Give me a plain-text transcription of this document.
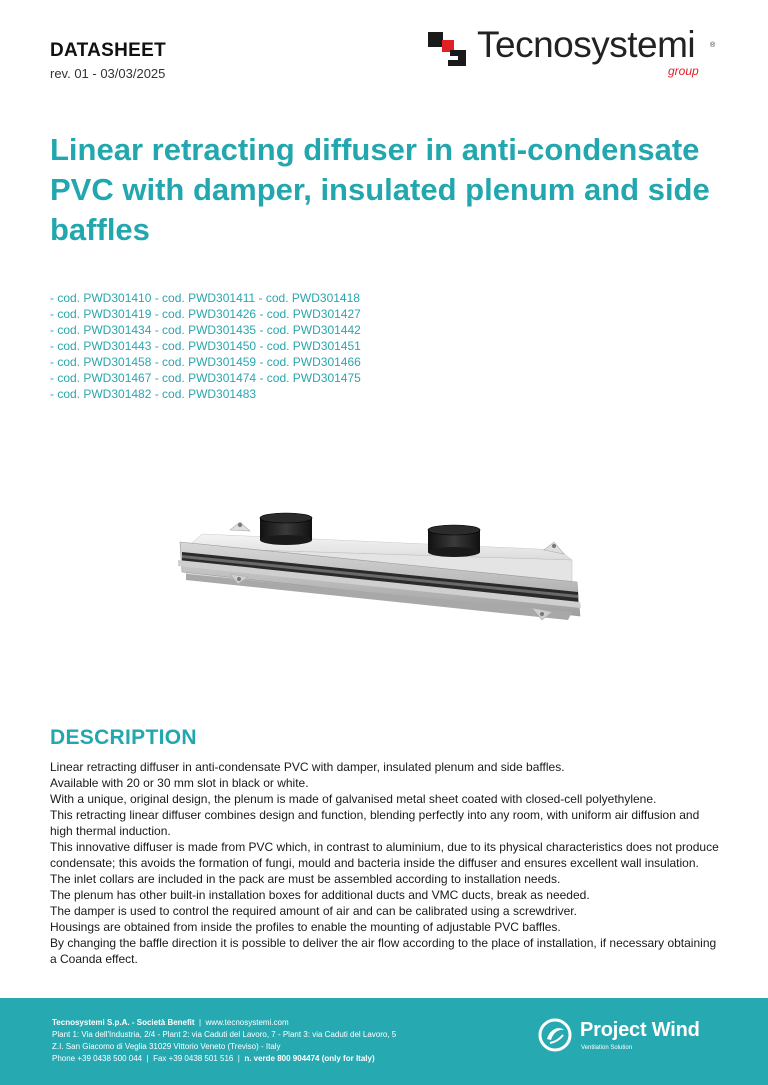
DATASHEET
rev. 01 - 03/03/2025
Tecnosystemi ®
group
Linear retracting diffuser in anti-condensate PVC with damper, insulated plenum and side baffles
- cod. PWD301410 - cod. PWD301411 - cod. PWD301418
- cod. PWD301419 - cod. PWD301426 - cod. PWD301427
- cod. PWD301434 - cod. PWD301435 - cod. PWD301442
- cod. PWD301443 - cod. PWD301450 - cod. PWD301451
- cod. PWD301458 - cod. PWD301459 - cod. PWD301466
- cod. PWD301467 - cod. PWD301474 - cod. PWD301475
- cod. PWD301482 - cod. PWD301483
DESCRIPTION

Linear retracting diffuser in anti-condensate PVC with damper, insulated plenum and side baffles.

Available with 20 or 30 mm slot in black or white.

With a unique, original design, the plenum is made of galvanised metal sheet coated with closed-cell polyethylene.

This retracting linear diffuser combines design and function, blending perfectly into any room, with uniform air diffusion and high thermal induction.

This innovative diffuser is made from PVC which, in contrast to aluminium, due to its physical characteristics does not produce condensate; this avoids the formation of fungi, mould and bacteria inside the diffuser and ensures excellent wall insulation.

The inlet collars are included in the pack are must be assembled according to installation needs.

The plenum has other built-in installation boxes for additional ducts and VMC ducts, break as needed.

The damper is used to control the required amount of air and can be calibrated using a screwdriver.

Housings are obtained from inside the profiles to enable the mounting of adjustable PVC baffles.

By changing the baffle direction it is possible to deliver the air flow according to the place of installation, if necessary obtaining a Coanda effect.

Tecnosystemi S.p.A. - Società Benefit  |  www.tecnosystemi.com
Plant 1: Via dell'Industria, 2/4 - Plant 2: via Caduti del Lavoro, 7 - Plant 3: via Caduti del Lavoro, 5
Z.I. San Giacomo di Veglia 31029 Vittorio Veneto (Treviso) - Italy
Phone +39 0438 500 044  |  Fax +39 0438 501 516  |  n. verde 800 904474 (only for Italy)
Project Wind
Ventilation Solution
